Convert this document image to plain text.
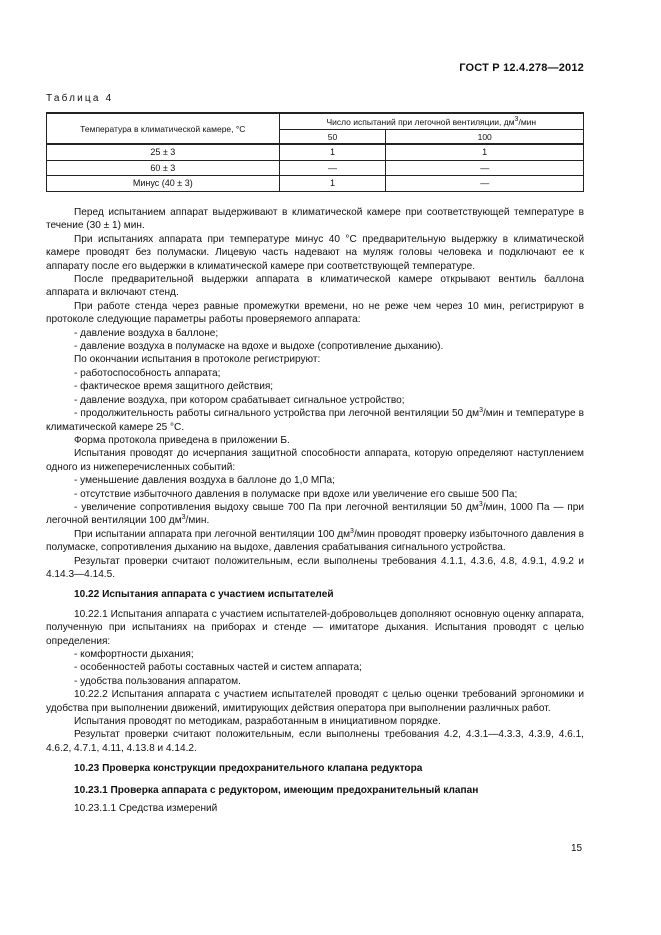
ГОСТ Р 12.4.278—2012
Таблица 4
Температура в климатической камере, °С	Число испытаний при легочной вентиляции, $дм^3$/мин	
	50	100
25 ± 3	1	1
60 ± 3	—	—
Минус (40 ± 3)	1	—

Перед испытанием аппарат выдерживают в климатической камере при соответствующей температуре в течение (30 ± 1) мин.

При испытаниях аппарата при температуре минус 40 °С предварительную выдержку в климатической камере проводят без полумаски. Лицевую часть надевают на муляж головы человека и подключают ее к аппарату после его выдержки в климатической камере при соответствующей температуре.

После предварительной выдержки аппарата в климатической камере открывают вентиль баллона аппарата и включают стенд.

При работе стенда через равные промежутки времени, но не реже чем через 10 мин, регистрируют в протоколе следующие параметры работы проверяемого аппарата:

- давление воздуха в баллоне;

- давление воздуха в полумаске на вдохе и выдохе (сопротивление дыханию).

По окончании испытания в протоколе регистрируют:

- работоспособность аппарата;

- фактическое время защитного действия;

- давление воздуха, при котором срабатывает сигнальное устройство;

- продолжительность работы сигнального устройства при легочной вентиляции 50 $дм^3$/мин и температуре в климатической камере 25 °С.

Форма протокола приведена в приложении Б.

Испытания проводят до исчерпания защитной способности аппарата, которую определяют наступлением одного из нижеперечисленных событий:

- уменьшение давления воздуха в баллоне до 1,0 МПа;

- отсутствие избыточного давления в полумаске при вдохе или увеличение его свыше 500 Па;

- увеличение сопротивления выдоху свыше 700 Па при легочной вентиляции 50 $дм^3$/мин, 1000 Па — при легочной вентиляции 100 $дм^3$/мин.

При испытании аппарата при легочной вентиляции 100 $дм^3$/мин проводят проверку избыточного давления в полумаске, сопротивления дыханию на выдохе, давления срабатывания сигнального устройства.

Результат проверки считают положительным, если выполнены требования 4.1.1, 4.3.6, 4.8, 4.9.1, 4.9.2 и 4.14.3—4.14.5.

10.22 Испытания аппарата с участием испытателей

10.22.1 Испытания аппарата с участием испытателей-добровольцев дополняют основную оценку аппарата, полученную при испытаниях на приборах и стенде — имитаторе дыхания. Испытания проводят с целью определения:

- комфортности дыхания;

- особенностей работы составных частей и систем аппарата;

- удобства пользования аппаратом.

10.22.2 Испытания аппарата с участием испытателей проводят с целью оценки требований эргономики и удобства при выполнении движений, имитирующих действия оператора при выполнении различных работ.

Испытания проводят по методикам, разработанным в инициативном порядке.

Результат проверки считают положительным, если выполнены требования 4.2, 4.3.1—4.3.3, 4.3.9, 4.6.1, 4.6.2, 4.7.1, 4.11, 4.13.8 и 4.14.2.

10.23 Проверка конструкции предохранительного клапана редуктора
10.23.1 Проверка аппарата с редуктором, имеющим предохранительный клапан

10.23.1.1 Средства измерений

15
